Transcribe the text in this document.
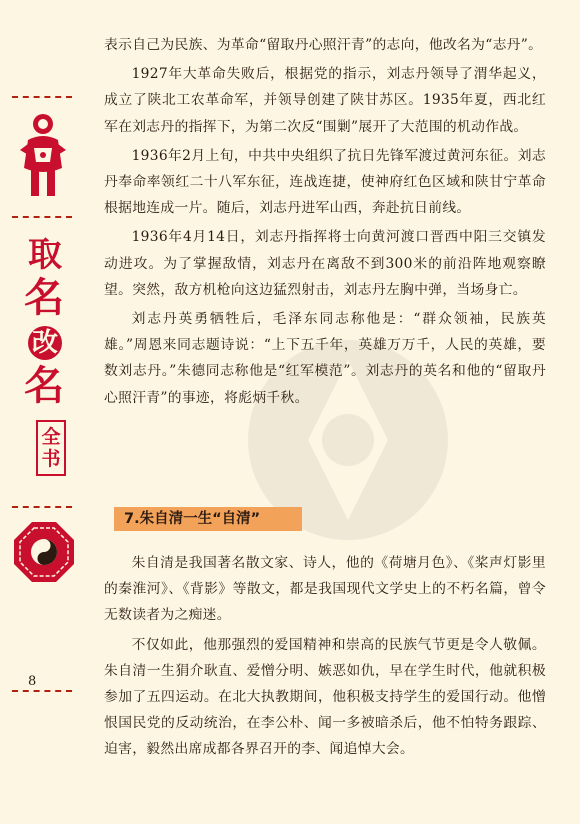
取
名
改
名
全书
8

表示自己为民族、为革命“留取丹心照汗青”的志向，他改名为“志丹”。

1927年大革命失败后，根据党的指示，刘志丹领导了渭华起义，成立了陕北工农革命军，并领导创建了陕甘苏区。1935年夏，西北红军在刘志丹的指挥下，为第二次反“围剿”展开了大范围的机动作战。

1936年2月上旬，中共中央组织了抗日先锋军渡过黄河东征。刘志丹奉命率领红二十八军东征，连战连捷，使神府红色区域和陕甘宁革命根据地连成一片。随后，刘志丹进军山西，奔赴抗日前线。

1936年4月14日，刘志丹指挥将士向黄河渡口晋西中阳三交镇发动进攻。为了掌握敌情，刘志丹在离敌不到300米的前沿阵地观察瞭望。突然，敌方机枪向这边猛烈射击，刘志丹左胸中弹，当场身亡。

刘志丹英勇牺牲后，毛泽东同志称他是：“群众领袖，民族英雄。”周恩来同志题诗说：“上下五千年，英雄万万千，人民的英雄，要数刘志丹。”朱德同志称他是“红军模范”。刘志丹的英名和他的“留取丹心照汗青”的事迹，将彪炳千秋。

7.朱自清一生“自清”

朱自清是我国著名散文家、诗人，他的《荷塘月色》、《桨声灯影里的秦淮河》、《背影》等散文，都是我国现代文学史上的不朽名篇，曾令无数读者为之痴迷。

不仅如此，他那强烈的爱国精神和崇高的民族气节更是令人敬佩。朱自清一生狷介耿直、爱憎分明、嫉恶如仇，早在学生时代，他就积极参加了五四运动。在北大执教期间，他积极支持学生的爱国行动。他憎恨国民党的反动统治，在李公朴、闻一多被暗杀后，他不怕特务跟踪、迫害，毅然出席成都各界召开的李、闻追悼大会。
